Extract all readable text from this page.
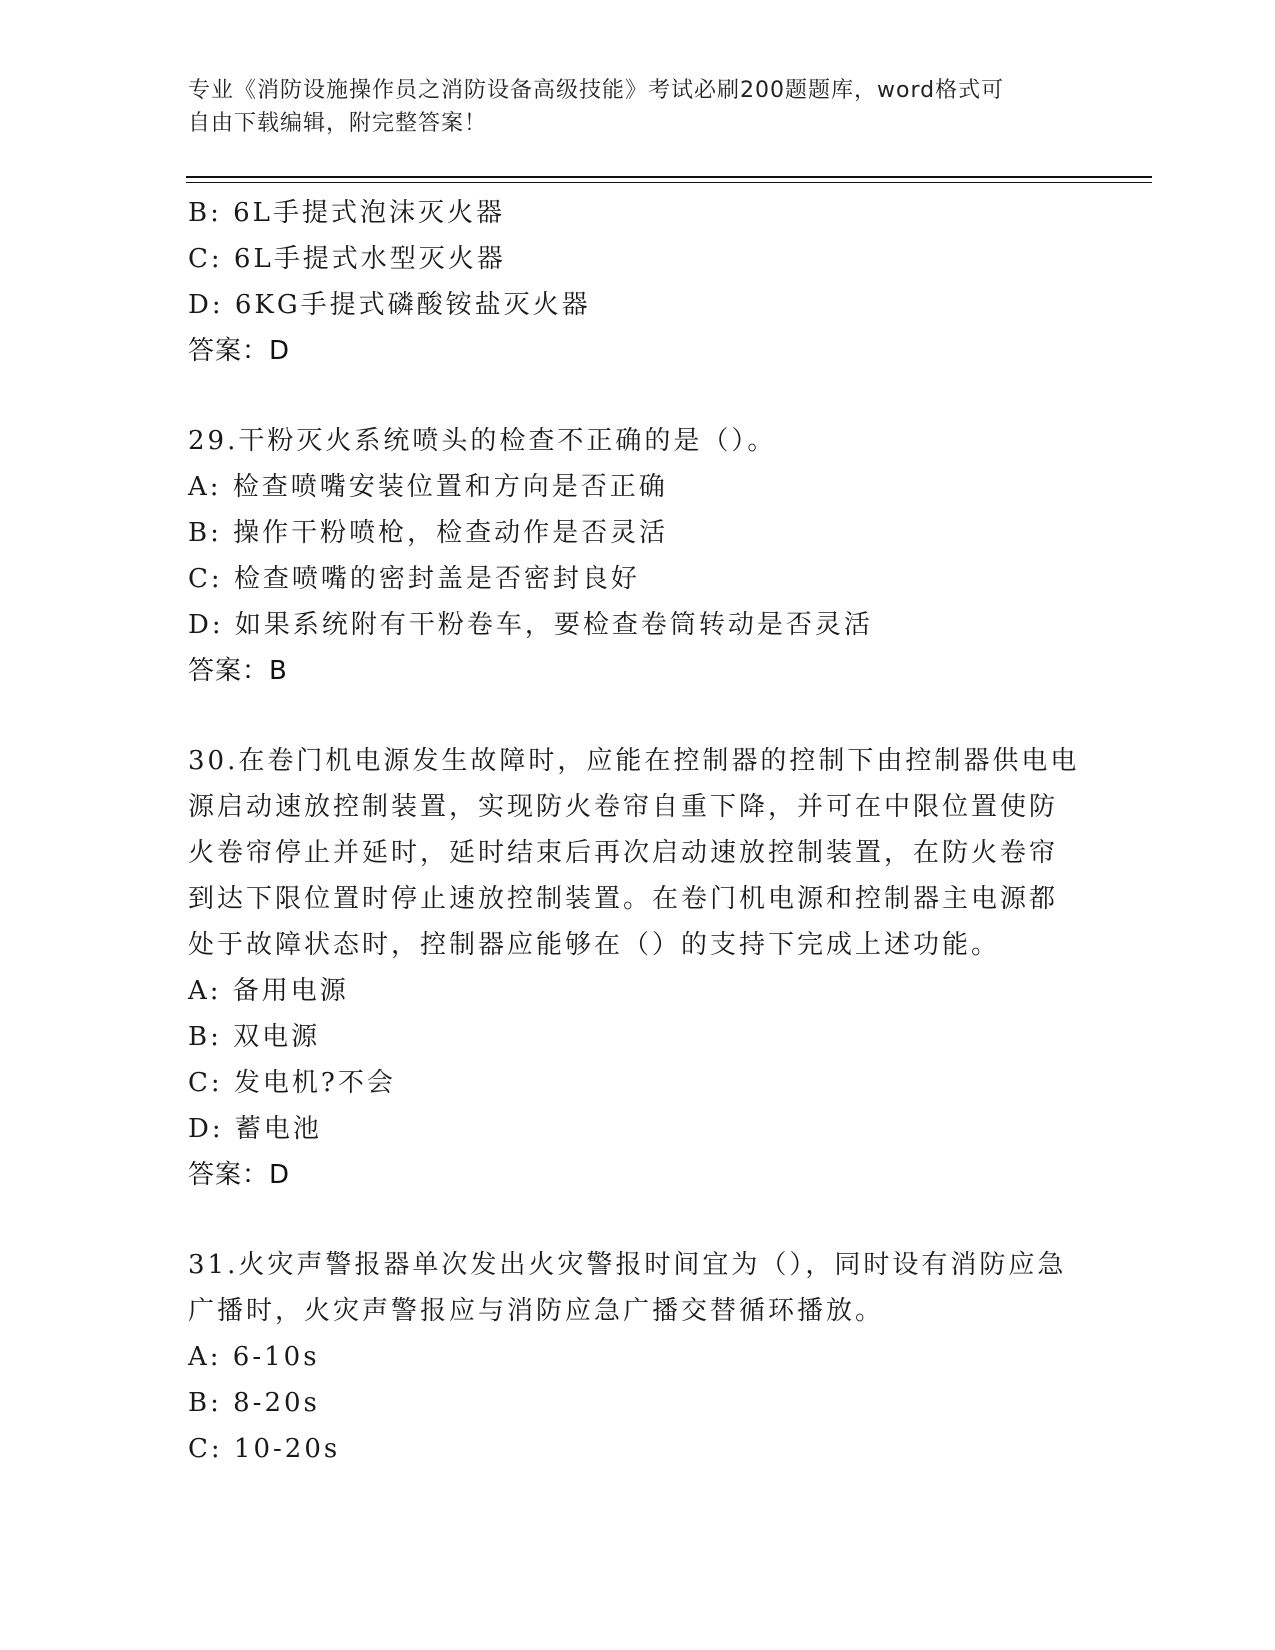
专业《消防设施操作员之消防设备高级技能》考试必刷200题题库，word格式可
自由下载编辑，附完整答案！
B: 6L手提式泡沫灭火器
C: 6L手提式水型灭火器
D: 6KG手提式磷酸铵盐灭火器
答案：D
29.干粉灭火系统喷头的检查不正确的是（）。
A: 检查喷嘴安装位置和方向是否正确
B: 操作干粉喷枪，检查动作是否灵活
C: 检查喷嘴的密封盖是否密封良好
D: 如果系统附有干粉卷车，要检查卷筒转动是否灵活
答案：B
30.在卷门机电源发生故障时，应能在控制器的控制下由控制器供电电
源启动速放控制装置，实现防火卷帘自重下降，并可在中限位置使防
火卷帘停止并延时，延时结束后再次启动速放控制装置，在防火卷帘
到达下限位置时停止速放控制装置。在卷门机电源和控制器主电源都
处于故障状态时，控制器应能够在（）的支持下完成上述功能。
A: 备用电源
B: 双电源
C: 发电机?不会
D: 蓄电池
答案：D
31.火灾声警报器单次发出火灾警报时间宜为（），同时设有消防应急
广播时，火灾声警报应与消防应急广播交替循环播放。
A: 6-10s
B: 8-20s
C: 10-20s
